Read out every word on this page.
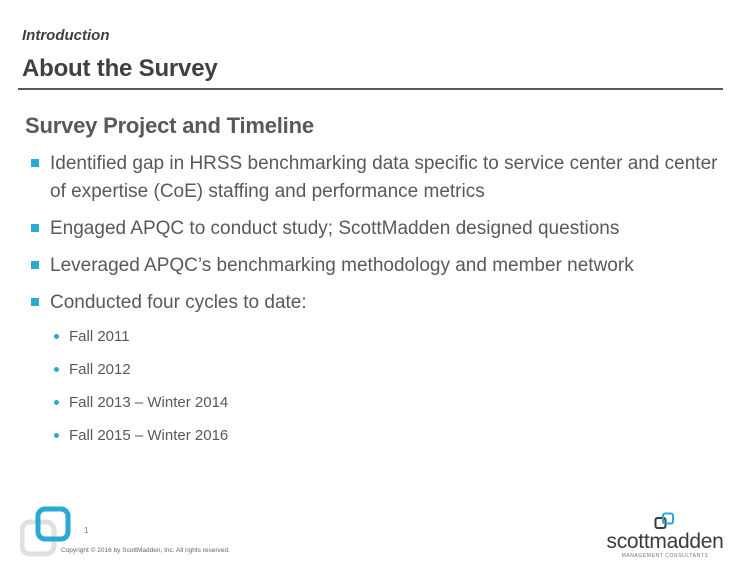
Introduction
About the Survey
Survey Project and Timeline
Identified gap in HRSS benchmarking data specific to service center and center of expertise (CoE) staffing and performance metrics
Engaged APQC to conduct study; ScottMadden designed questions
Leveraged APQC’s benchmarking methodology and member network
Conducted four cycles to date:
Fall 2011
Fall 2012
Fall 2013 – Winter 2014
Fall 2015 – Winter 2016
1
Copyright © 2016 by ScottMadden, Inc. All rights reserved.	scottmadden
MANAGEMENT CONSULTANTS
